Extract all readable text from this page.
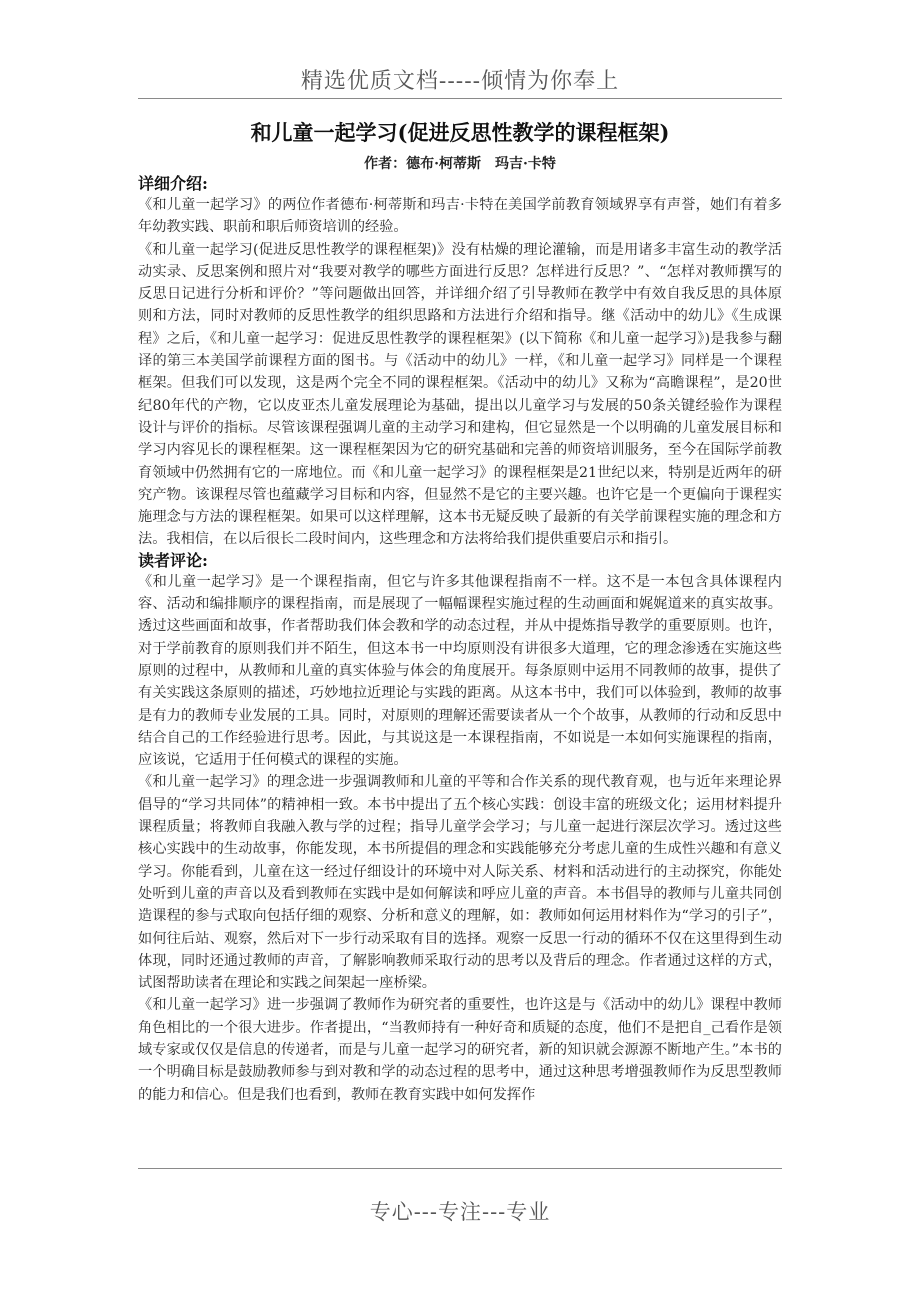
精选优质文档-----倾情为你奉上
和儿童一起学习(促进反思性教学的课程框架)
作者：德布·柯蒂斯　玛吉·卡特
详细介绍:

《和儿童一起学习》的两位作者德布·柯蒂斯和玛吉·卡特在美国学前教育领域界享有声誉，她们有着多年幼教实践、职前和职后师资培训的经验。

《和儿童一起学习(促进反思性教学的课程框架)》没有枯燥的理论灌输，而是用诸多丰富生动的教学活动实录、反思案例和照片对“我要对教学的哪些方面进行反思？怎样进行反思？”、“怎样对教师撰写的反思日记进行分析和评价？”等问题做出回答，并详细介绍了引导教师在教学中有效自我反思的具体原则和方法，同时对教师的反思性教学的组织思路和方法进行介绍和指导。继《活动中的幼儿》《生成课程》之后，《和儿童一起学习：促进反思性教学的课程框架》(以下简称《和儿童一起学习》)是我参与翻译的第三本美国学前课程方面的图书。与《活动中的幼儿》一样，《和儿童一起学习》同样是一个课程框架。但我们可以发现，这是两个完全不同的课程框架。《活动中的幼儿》又称为“高瞻课程”，是20世纪80年代的产物，它以皮亚杰儿童发展理论为基础，提出以儿童学习与发展的50条关键经验作为课程设计与评价的指标。尽管该课程强调儿童的主动学习和建构，但它显然是一个以明确的儿童发展目标和学习内容见长的课程框架。这一课程框架因为它的研究基础和完善的师资培训服务，至今在国际学前教育领域中仍然拥有它的一席地位。而《和儿童一起学习》的课程框架是21世纪以来，特别是近两年的研究产物。该课程尽管也蕴藏学习目标和内容，但显然不是它的主要兴趣。也许它是一个更偏向于课程实施理念与方法的课程框架。如果可以这样理解，这本书无疑反映了最新的有关学前课程实施的理念和方法。我相信，在以后很长二段时间内，这些理念和方法将给我们提供重要启示和指引。

读者评论:

《和儿童一起学习》是一个课程指南，但它与许多其他课程指南不一样。这不是一本包含具体课程内容、活动和编排顺序的课程指南，而是展现了一幅幅课程实施过程的生动画面和娓娓道来的真实故事。透过这些画面和故事，作者帮助我们体会教和学的动态过程，并从中提炼指导教学的重要原则。也许，对于学前教育的原则我们并不陌生，但这本书一中均原则没有讲很多大道理，它的理念渗透在实施这些原则的过程中，从教师和儿童的真实体验与体会的角度展开。每条原则中运用不同教师的故事，提供了有关实践这条原则的描述，巧妙地拉近理论与实践的距离。从这本书中，我们可以体验到，教师的故事是有力的教师专业发展的工具。同时，对原则的理解还需要读者从一个个故事，从教师的行动和反思中结合自己的工作经验进行思考。因此，与其说这是一本课程指南，不如说是一本如何实施课程的指南，应该说，它适用于任何模式的课程的实施。

《和儿童一起学习》的理念进一步强调教师和儿童的平等和合作关系的现代教育观，也与近年来理论界倡导的“学习共同体”的精神相一致。本书中提出了五个核心实践：创设丰富的班级文化；运用材料提升课程质量；将教师自我融入教与学的过程；指导儿童学会学习；与儿童一起进行深层次学习。透过这些核心实践中的生动故事，你能发现，本书所提倡的理念和实践能够充分考虑儿童的生成性兴趣和有意义学习。你能看到，儿童在这一经过仔细设计的环境中对人际关系、材料和活动进行的主动探究，你能处处听到儿童的声音以及看到教师在实践中是如何解读和呼应儿童的声音。本书倡导的教师与儿童共同创造课程的参与式取向包括仔细的观察、分析和意义的理解，如：教师如何运用材料作为“学习的引子”，如何往后站、观察，然后对下一步行动采取有目的选择。观察一反思一行动的循环不仅在这里得到生动体现，同时还通过教师的声音，了解影响教师采取行动的思考以及背后的理念。作者通过这样的方式，试图帮助读者在理论和实践之间架起一座桥梁。

《和儿童一起学习》进一步强调了教师作为研究者的重要性，也许这是与《活动中的幼儿》课程中教师角色相比的一个很大进步。作者提出，“当教师持有一种好奇和质疑的态度，他们不是把自_己看作是领域专家或仅仅是信息的传递者，而是与儿童一起学习的研究者，新的知识就会源源不断地产生。”本书的一个明确目标是鼓励教师参与到对教和学的动态过程的思考中，通过这种思考增强教师作为反思型教师的能力和信心。但是我们也看到，教师在教育实践中如何发挥作

专心---专注---专业
